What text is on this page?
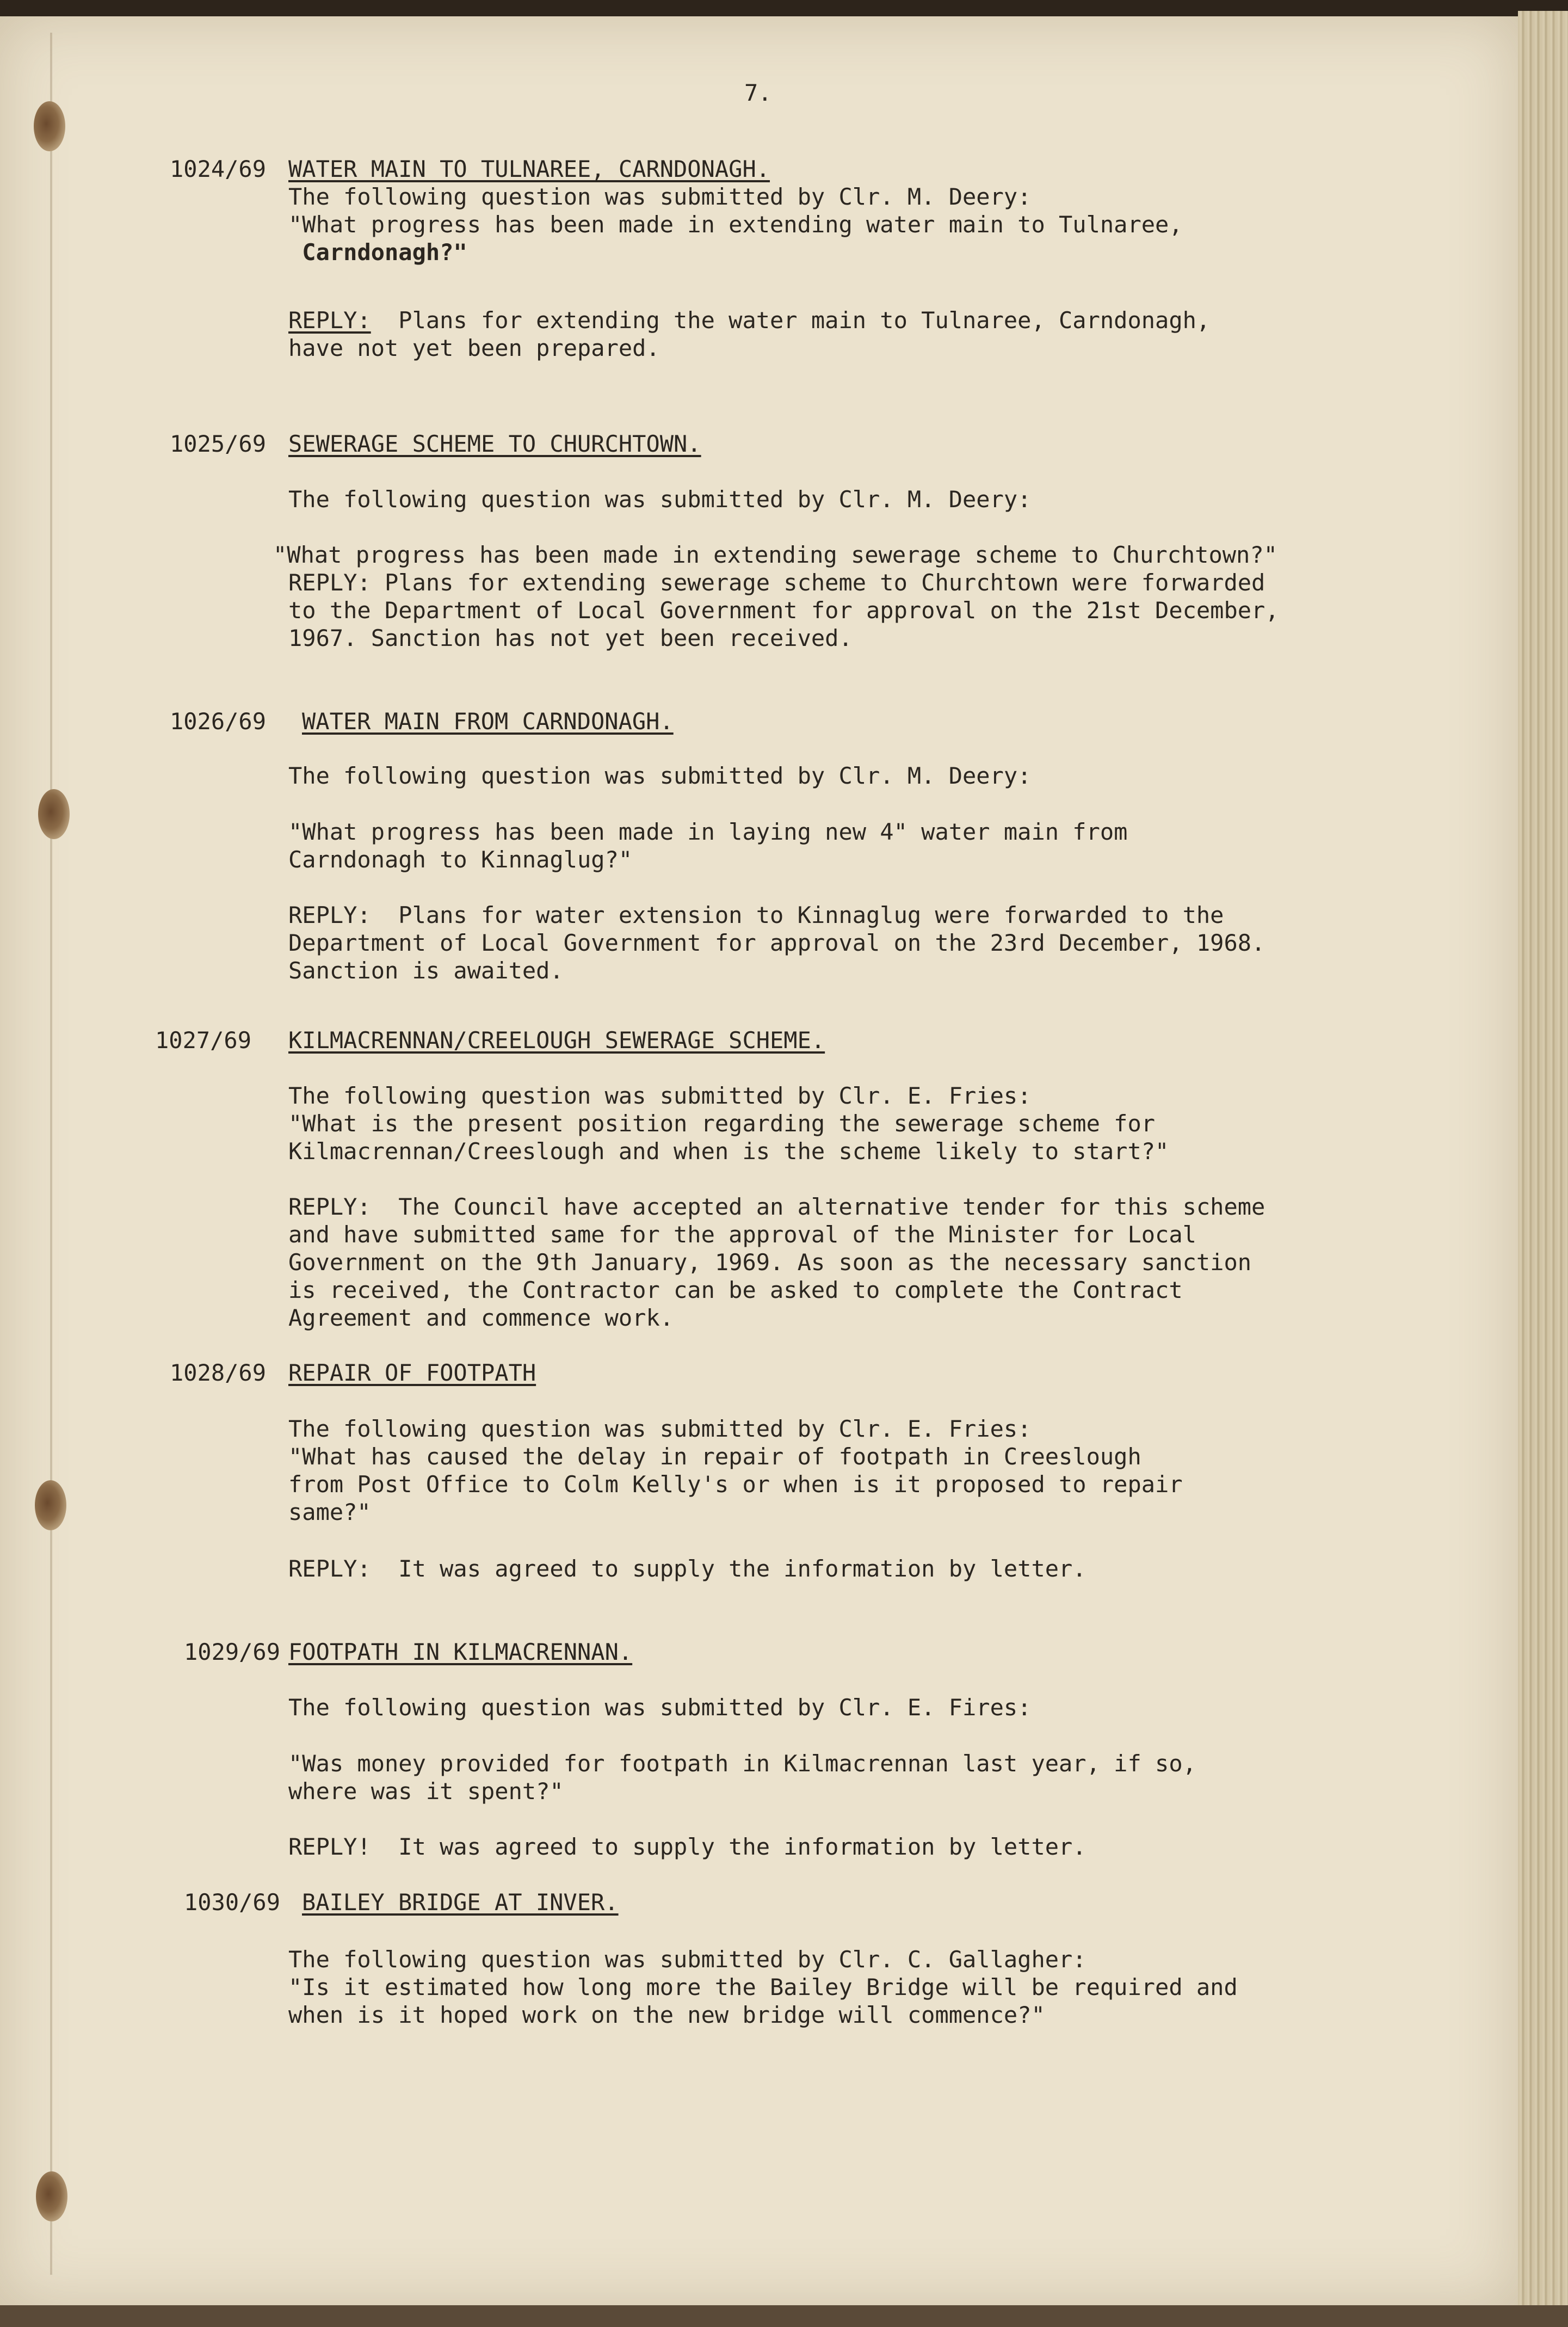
7.
1024/69 WATER MAIN TO TULNAREE, CARNDONAGH.
The following question was submitted by Clr. M. Deery:
"What progress has been made in extending water main to Tulnaree,
Carndonagh?"
REPLY:  Plans for extending the water main to Tulnaree, Carndonagh,
have not yet been prepared.
1025/69 SEWERAGE SCHEME TO CHURCHTOWN.
The following question was submitted by Clr. M. Deery:
"What progress has been made in extending sewerage scheme to Churchtown?"
REPLY: Plans for extending sewerage scheme to Churchtown were forwarded
to the Department of Local Government for approval on the 21st December,
1967. Sanction has not yet been received.
1026/69 WATER MAIN FROM CARNDONAGH.
The following question was submitted by Clr. M. Deery:
"What progress has been made in laying new 4" water main from
Carndonagh to Kinnaglug?"
REPLY:  Plans for water extension to Kinnaglug were forwarded to the
Department of Local Government for approval on the 23rd December, 1968.
Sanction is awaited.
1027/69 KILMACRENNAN/CREELOUGH SEWERAGE SCHEME.
The following question was submitted by Clr. E. Fries:
"What is the present position regarding the sewerage scheme for
Kilmacrennan/Creeslough and when is the scheme likely to start?"
REPLY:  The Council have accepted an alternative tender for this scheme
and have submitted same for the approval of the Minister for Local
Government on the 9th January, 1969. As soon as the necessary sanction
is received, the Contractor can be asked to complete the Contract
Agreement and commence work.
1028/69 REPAIR OF FOOTPATH
The following question was submitted by Clr. E. Fries:
"What has caused the delay in repair of footpath in Creeslough
from Post Office to Colm Kelly's or when is it proposed to repair
same?"
REPLY:  It was agreed to supply the information by letter.
1029/69 FOOTPATH IN KILMACRENNAN.
The following question was submitted by Clr. E. Fires:
"Was money provided for footpath in Kilmacrennan last year, if so,
where was it spent?"
REPLY!  It was agreed to supply the information by letter.
1030/69 BAILEY BRIDGE AT INVER.
The following question was submitted by Clr. C. Gallagher:
"Is it estimated how long more the Bailey Bridge will be required and
when is it hoped work on the new bridge will commence?"
